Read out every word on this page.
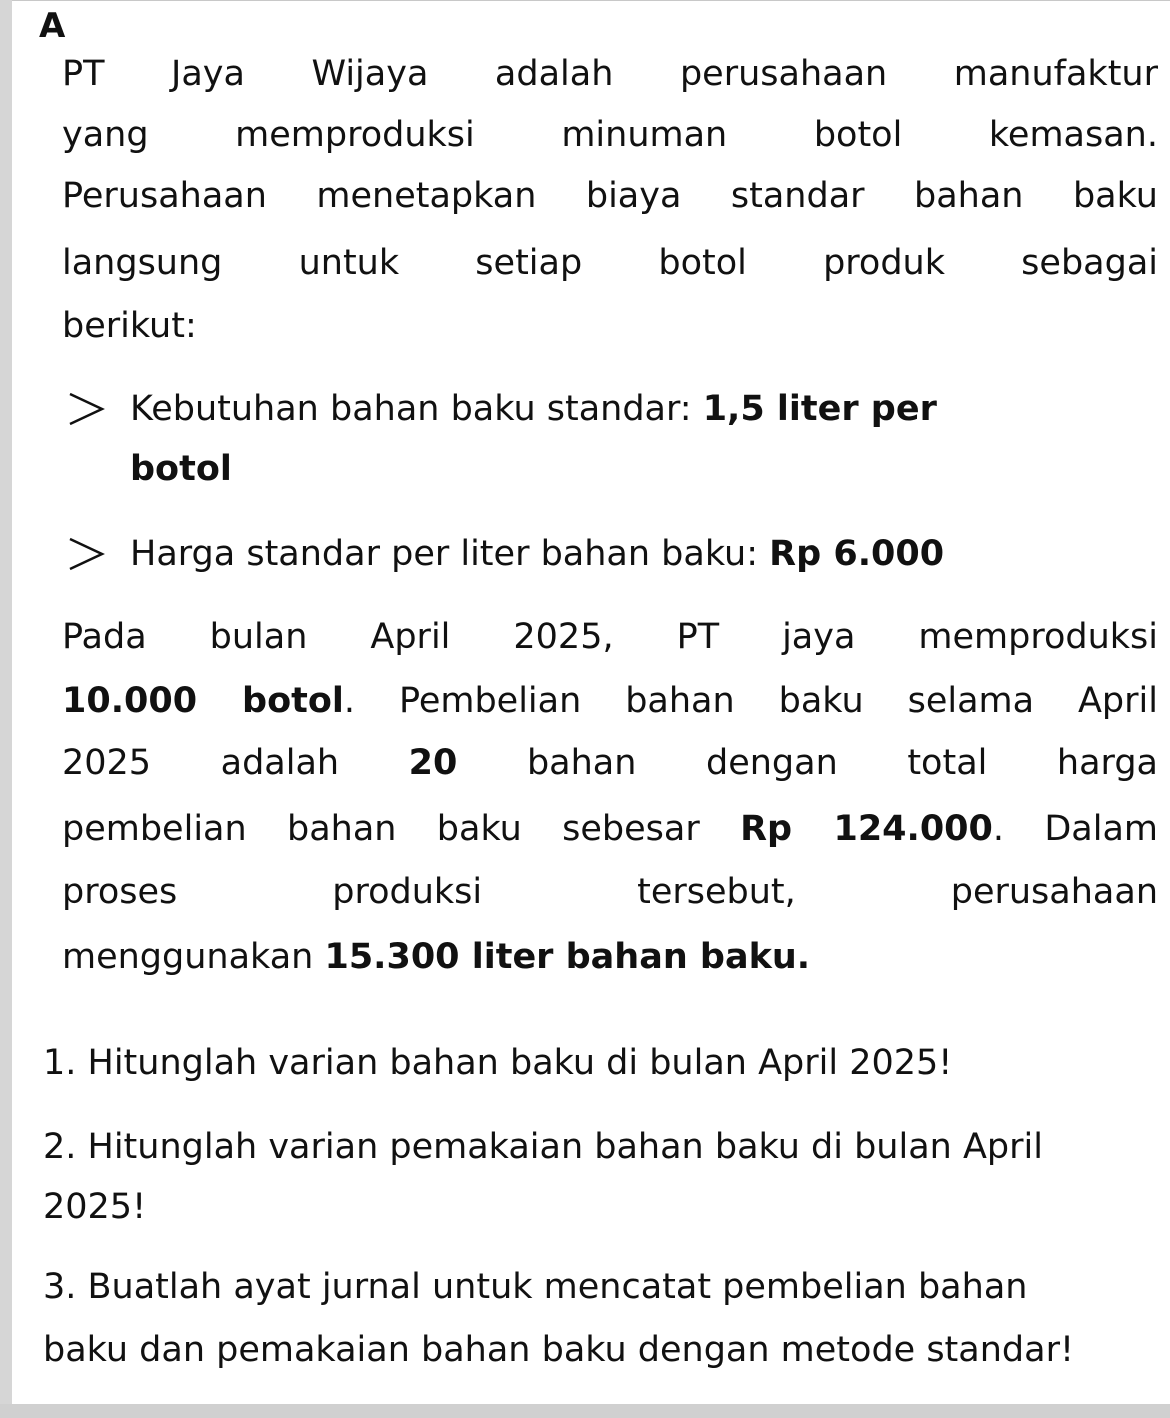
A
PT Jaya Wijaya adalah perusahaan manufaktur
yang memproduksi minuman botol kemasan.
Perusahaan menetapkan biaya standar bahan baku
langsung untuk setiap botol produk sebagai
berikut:
Kebutuhan bahan baku standar: 1,5 liter per
botol
Harga standar per liter bahan baku: Rp 6.000
Pada bulan April 2025, PT jaya memproduksi
10.000 botol. Pembelian bahan baku selama April
2025 adalah 20 bahan dengan total harga
pembelian bahan baku sebesar Rp 124.000. Dalam
proses produksi tersebut, perusahaan
menggunakan 15.300 liter bahan baku.
1. Hitunglah varian bahan baku di bulan April 2025!
2. Hitunglah varian pemakaian bahan baku di bulan April
2025!
3. Buatlah ayat jurnal untuk mencatat pembelian bahan
baku dan pemakaian bahan baku dengan metode standar!
